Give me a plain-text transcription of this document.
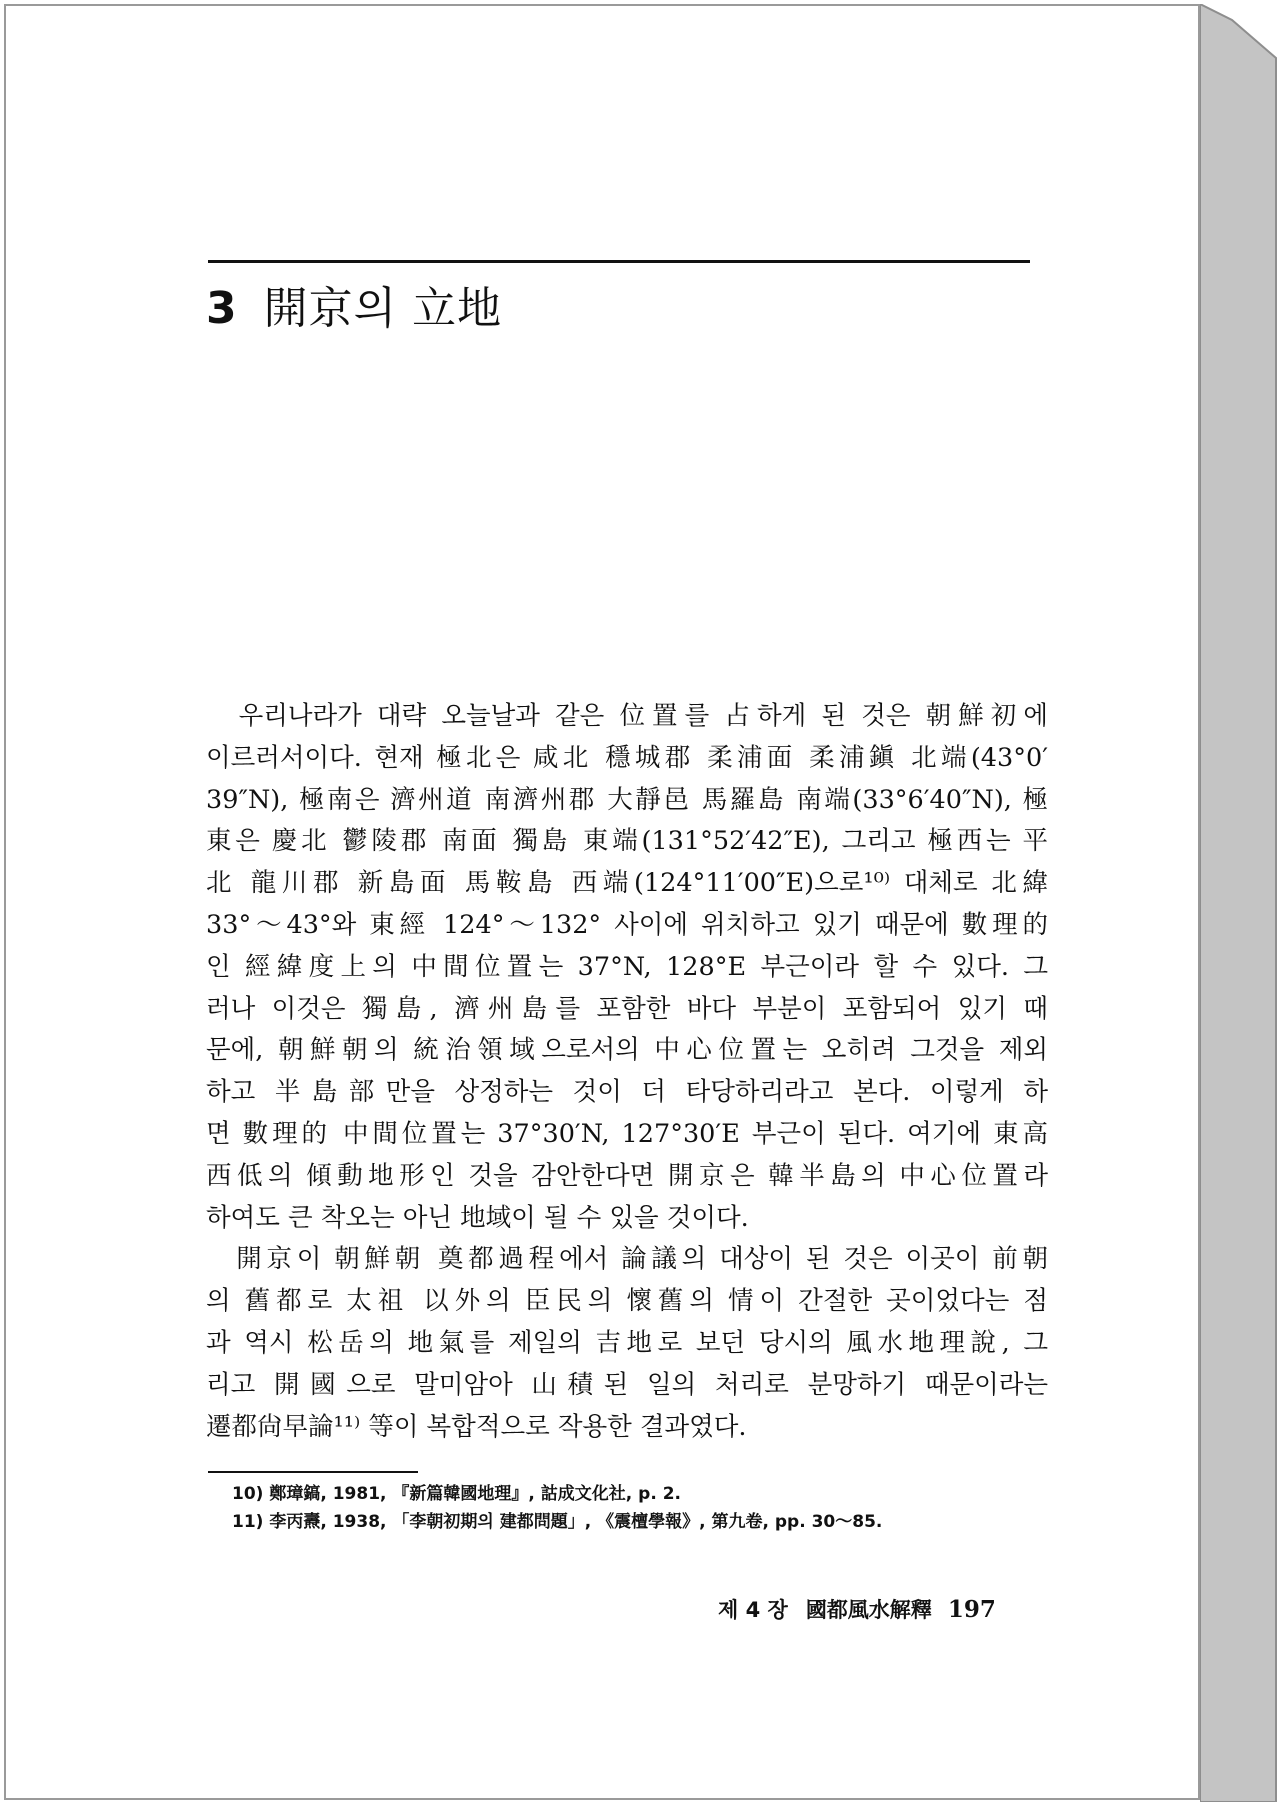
3 開京의 立地
　우리나라가 대략 오늘날과 같은 位置를 占하게 된 것은 朝鮮初에
이르러서이다. 현재 極北은 咸北 穩城郡 柔浦面 柔浦鎭 北端(43°0′
39″N), 極南은 濟州道 南濟州郡 大靜邑 馬羅島 南端(33°6′40″N), 極
東은 慶北 鬱陵郡 南面 獨島 東端(131°52′42″E), 그리고 極西는 平
北 龍川郡 新島面 馬鞍島 西端(124°11′00″E)으로¹⁰⁾ 대체로 北緯
33°～43°와 東經 124°～132° 사이에 위치하고 있기 때문에 數理的
인 經緯度上의 中間位置는 37°N, 128°E 부근이라 할 수 있다. 그
러나 이것은 獨島, 濟州島를 포함한 바다 부분이 포함되어 있기 때
문에, 朝鮮朝의 統治領域으로서의 中心位置는 오히려 그것을 제외
하고 半島部만을 상정하는 것이 더 타당하리라고 본다. 이렇게 하
면 數理的 中間位置는 37°30′N, 127°30′E 부근이 된다. 여기에 東高
西低의 傾動地形인 것을 감안한다면 開京은 韓半島의 中心位置라
하여도 큰 착오는 아닌 地域이 될 수 있을 것이다.
　開京이 朝鮮朝 奠都過程에서 論議의 대상이 된 것은 이곳이 前朝
의 舊都로 太祖 以外의 臣民의 懷舊의 情이 간절한 곳이었다는 점
과 역시 松岳의 地氣를 제일의 吉地로 보던 당시의 風水地理說, 그
리고 開國으로 말미암아 山積된 일의 처리로 분망하기 때문이라는
遷都尙早論¹¹⁾ 等이 복합적으로 작용한 결과였다.
10) 鄭璋鎬, 1981, 『新篇韓國地理』, 詁成文化社, p. 2.
11) 李丙燾, 1938, 「李朝初期의 建都問題」, 《震檀學報》, 第九卷, pp. 30～85.
제 4 장 國都風水解釋 197
